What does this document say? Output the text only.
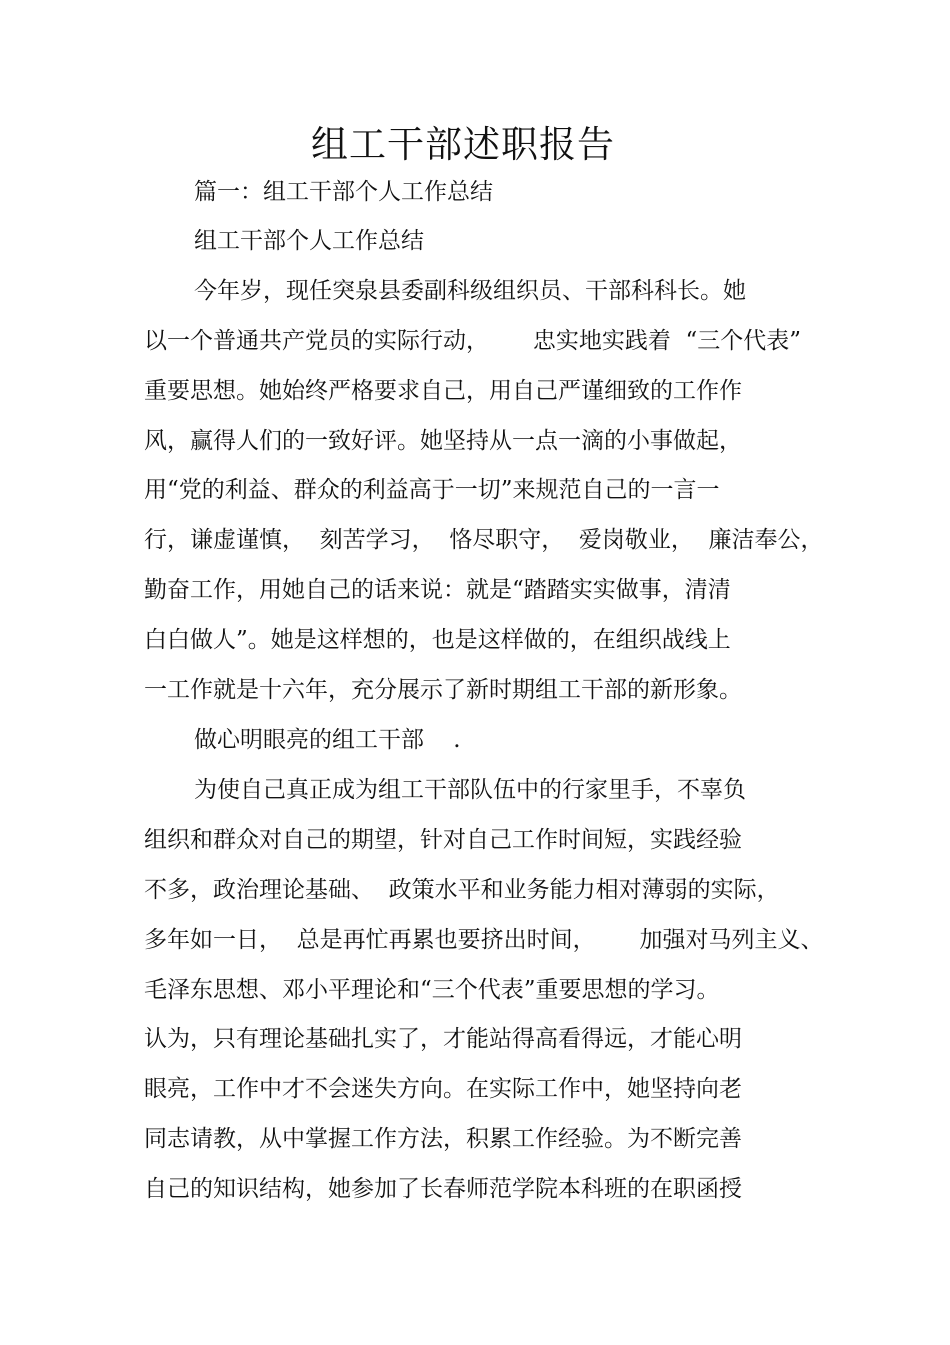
组工干部述职报告
篇一：组工干部个人工作总结
组工干部个人工作总结
今年岁，现任突泉县委副科级组织员、干部科科长。她
以一个普通共产党员的实际行动，      忠实地实践着  “三个代表”
重要思想。她始终严格要求自己，用自己严谨细致的工作作
风，赢得人们的一致好评。她坚持从一点一滴的小事做起，
用“党的利益、群众的利益高于一切”来规范自己的一言一
行，谦虚谨慎，  刻苦学习，  恪尽职守，  爱岗敬业，  廉洁奉公，
勤奋工作，用她自己的话来说：就是“踏踏实实做事，清清
白白做人”。她是这样想的，也是这样做的，在组织战线上
一工作就是十六年，充分展示了新时期组工干部的新形象。
做心明眼亮的组工干部    .
为使自己真正成为组工干部队伍中的行家里手，不辜负
组织和群众对自己的期望，针对自己工作时间短，实践经验
不多，政治理论基础、  政策水平和业务能力相对薄弱的实际，
多年如一日，  总是再忙再累也要挤出时间，      加强对马列主义、
毛泽东思想、邓小平理论和“三个代表”重要思想的学习。
认为，只有理论基础扎实了，才能站得高看得远，才能心明
眼亮，工作中才不会迷失方向。在实际工作中，她坚持向老
同志请教，从中掌握工作方法，积累工作经验。为不断完善
自己的知识结构，她参加了长春师范学院本科班的在职函授
